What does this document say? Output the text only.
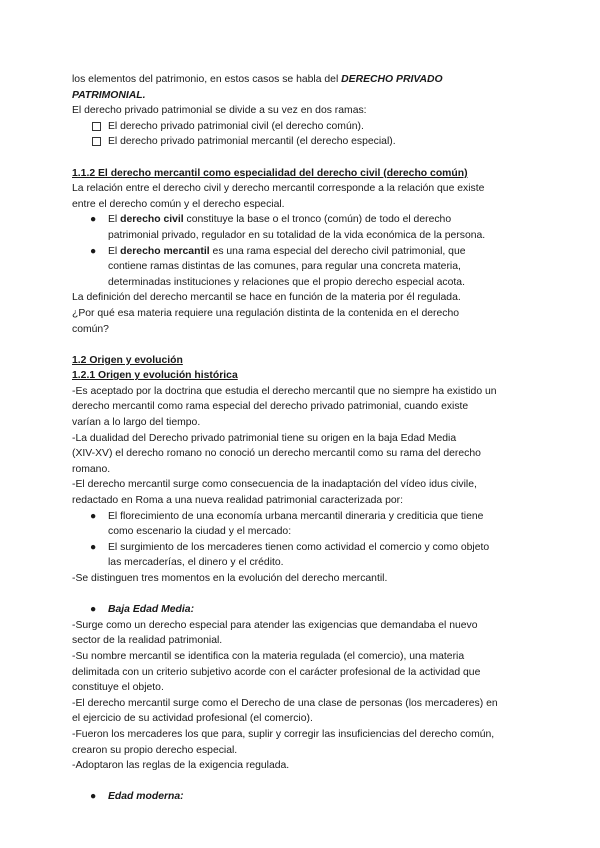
los elementos del patrimonio, en estos casos se habla del DERECHO PRIVADO

PATRIMONIAL.

El derecho privado patrimonial se divide a su vez en dos ramas:

El derecho privado patrimonial civil (el derecho común).
El derecho privado patrimonial mercantil (el derecho especial).

1.1.2 El derecho mercantil como especialidad del derecho civil (derecho común)

La relación entre el derecho civil y derecho mercantil corresponde a la relación que existe

entre el derecho común y el derecho especial.

● El derecho civil constituye la base o el tronco (común) de todo el derecho
patrimonial privado, regulador en su totalidad de la vida económica de la persona.
● El derecho mercantil es una rama especial del derecho civil patrimonial, que
contiene ramas distintas de las comunes, para regular una concreta materia,
determinadas instituciones y relaciones que el propio derecho especial acota.

La definición del derecho mercantil se hace en función de la materia por él regulada.

¿Por qué esa materia requiere una regulación distinta de la contenida en el derecho

común?

1.2 Origen y evolución

1.2.1 Origen y evolución histórica

-Es aceptado por la doctrina que estudia el derecho mercantil que no siempre ha existido un

derecho mercantil como rama especial del derecho privado patrimonial, cuando existe

varían a lo largo del tiempo.

-La dualidad del Derecho privado patrimonial tiene su origen en la baja Edad Media

(XIV-XV) el derecho romano no conoció un derecho mercantil como su rama del derecho

romano.

-El derecho mercantil surge como consecuencia de la inadaptación del vídeo idus civile,

redactado en Roma a una nueva realidad patrimonial caracterizada por:

● El florecimiento de una economía urbana mercantil dineraria y crediticia que tiene
como escenario la ciudad y el mercado:
● El surgimiento de los mercaderes tienen como actividad el comercio y como objeto
las mercaderías, el dinero y el crédito.

-Se distinguen tres momentos en la evolución del derecho mercantil.

● Baja Edad Media:

-Surge como un derecho especial para atender las exigencias que demandaba el nuevo

sector de la realidad patrimonial.

-Su nombre mercantil se identifica con la materia regulada (el comercio), una materia

delimitada con un criterio subjetivo acorde con el carácter profesional de la actividad que

constituye el objeto.

-El derecho mercantil surge como el Derecho de una clase de personas (los mercaderes) en

el ejercicio de su actividad profesional (el comercio).

-Fueron los mercaderes los que para, suplir y corregir las insuficiencias del derecho común,

crearon su propio derecho especial.

-Adoptaron las reglas de la exigencia regulada.

● Edad moderna:
